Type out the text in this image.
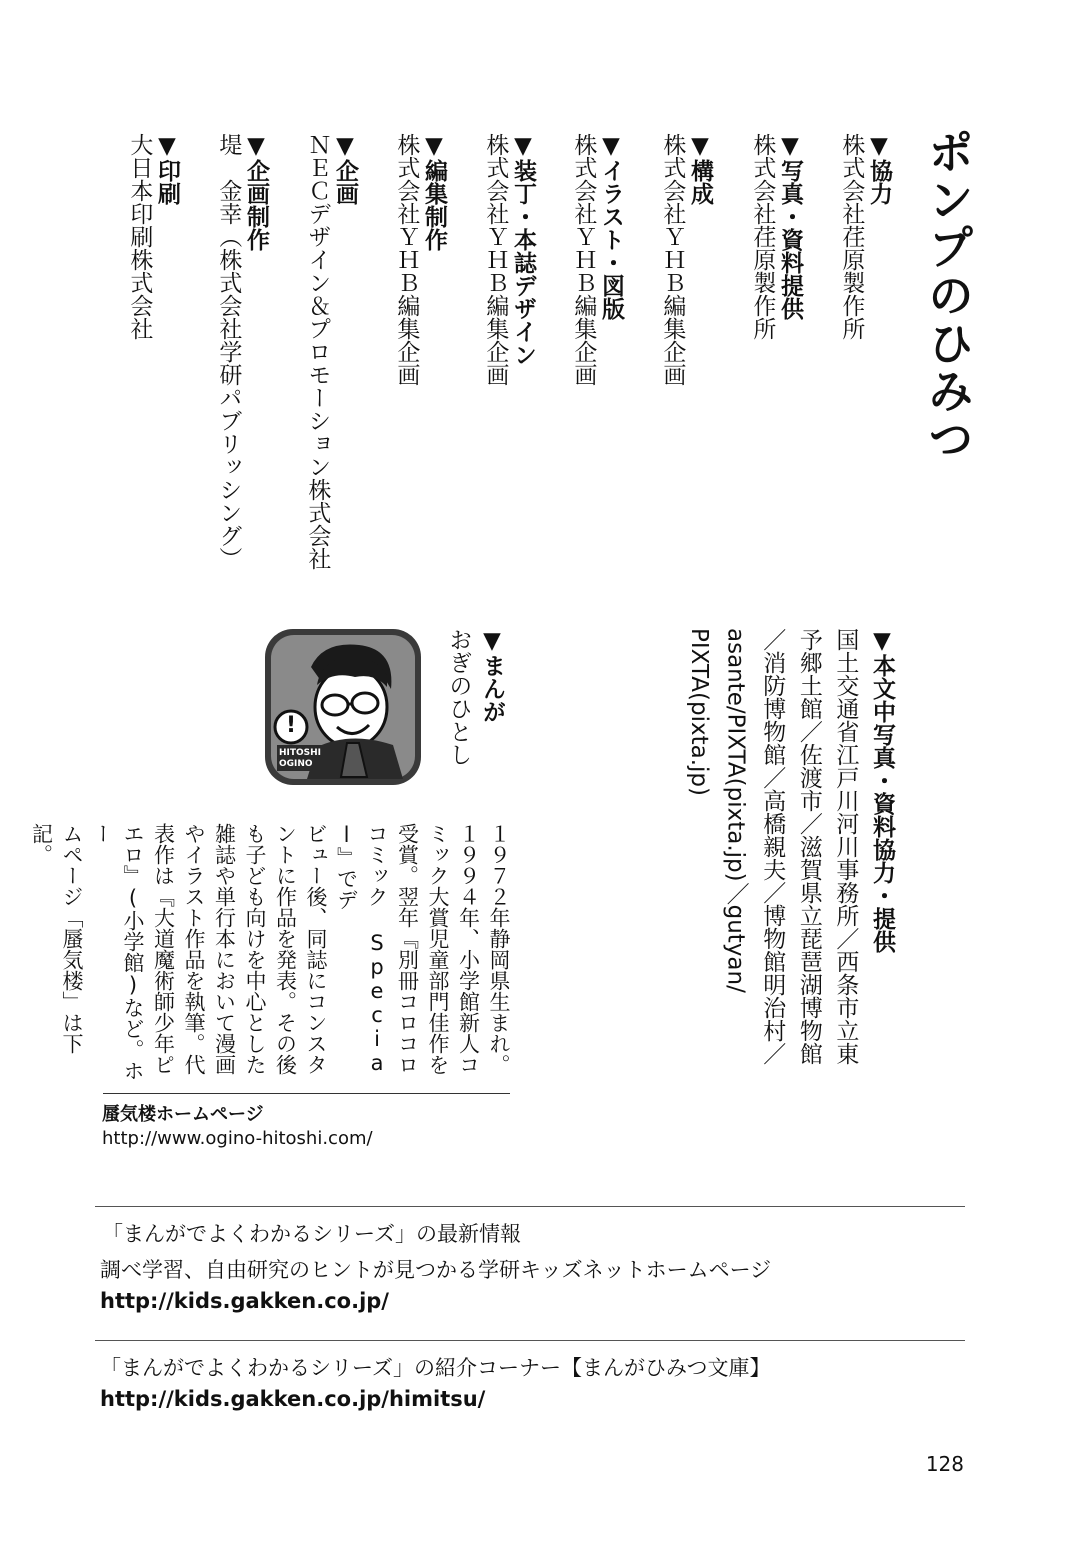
ポンプのひみつ
▼協力
株式会社荏原製作所
▼写真・資料提供
株式会社荏原製作所
▼構成
株式会社ＹＨＢ編集企画
▼イラスト・図版
株式会社ＹＨＢ編集企画
▼装丁・本誌デザイン
株式会社ＹＨＢ編集企画
▼編集制作
株式会社ＹＨＢ編集企画
▼企画
ＮＥＣデザイン＆プロモーション株式会社
▼企画制作
堤　金幸（株式会社学研パブリッシング）
▼印刷
大日本印刷株式会社
▼本文中写真・資料協力・提供
国土交通省江戸川河川事務所／西条市立東
予郷土館／佐渡市／滋賀県立琵琶湖博物館
／消防博物館／高橋親夫／博物館明治村／
asante/PIXTA(pixta.jp)／gutyan/
PIXTA(pixta.jp)
▼まんが
おぎのひとし
!
HITOSHI
OGINO
１９７２年静岡県生まれ。
１９９４年、小学館新人コ
ミック大賞児童部門佳作を
受賞。翌年『別冊コロコロ
コミック Special』でデ
ビュー後、同誌にコンスタ
ントに作品を発表。その後
も子ども向けを中心とした
雑誌や単行本において漫画
やイラスト作品を執筆。代
表作は『大道魔術師少年ピ
エロ』(小学館)など。ホー
ムページ「蜃気楼」は下記。
蜃気楼ホームページ
http://www.ogino-hitoshi.com/
「まんがでよくわかるシリーズ」の最新情報
調べ学習、自由研究のヒントが見つかる学研キッズネットホームページ
http://kids.gakken.co.jp/
「まんがでよくわかるシリーズ」の紹介コーナー【まんがひみつ文庫】
http://kids.gakken.co.jp/himitsu/
128
